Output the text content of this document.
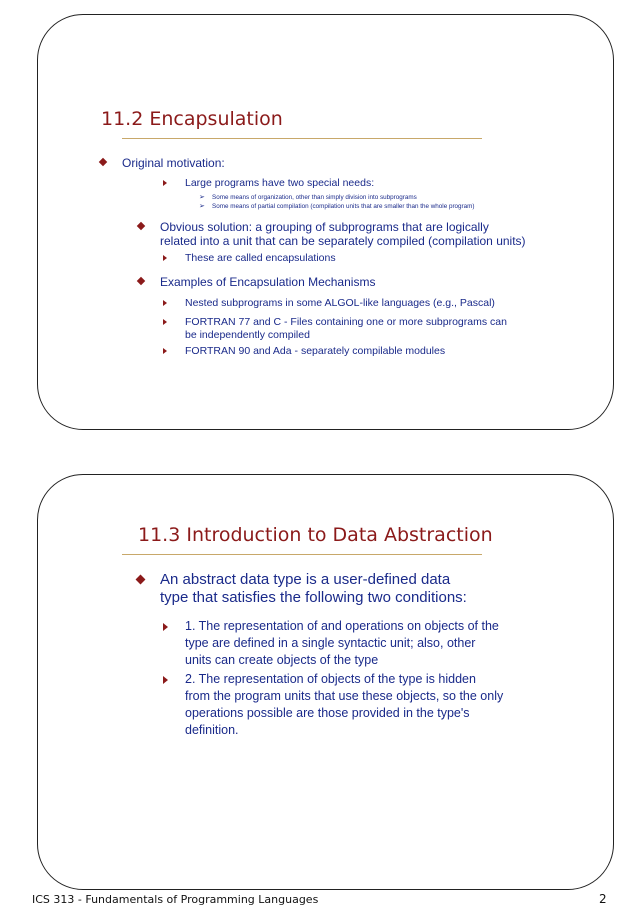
11.2 Encapsulation
Original motivation:
Large programs have two special needs:
➢ Some means of organization, other than simply division into subprograms
➢ Some means of partial compilation (compilation units that are smaller than the whole program)
Obvious solution: a grouping of subprograms that are logically
related into a unit that can be separately compiled (compilation units)
These are called encapsulations
Examples of Encapsulation Mechanisms
Nested subprograms in some ALGOL-like languages (e.g., Pascal)
FORTRAN 77 and C - Files containing one or more subprograms can
be independently compiled
FORTRAN 90 and Ada - separately compilable modules
11.3 Introduction to Data Abstraction
An abstract data type is a user-defined data
type that satisfies the following two conditions:
1. The representation of and operations on objects of the
type are defined in a single syntactic unit; also, other
units can create objects of the type
2. The representation of objects of the type is hidden
from the program units that use these objects, so the only
operations possible are those provided in the type's
definition.
ICS 313 - Fundamentals of Programming Languages	2
